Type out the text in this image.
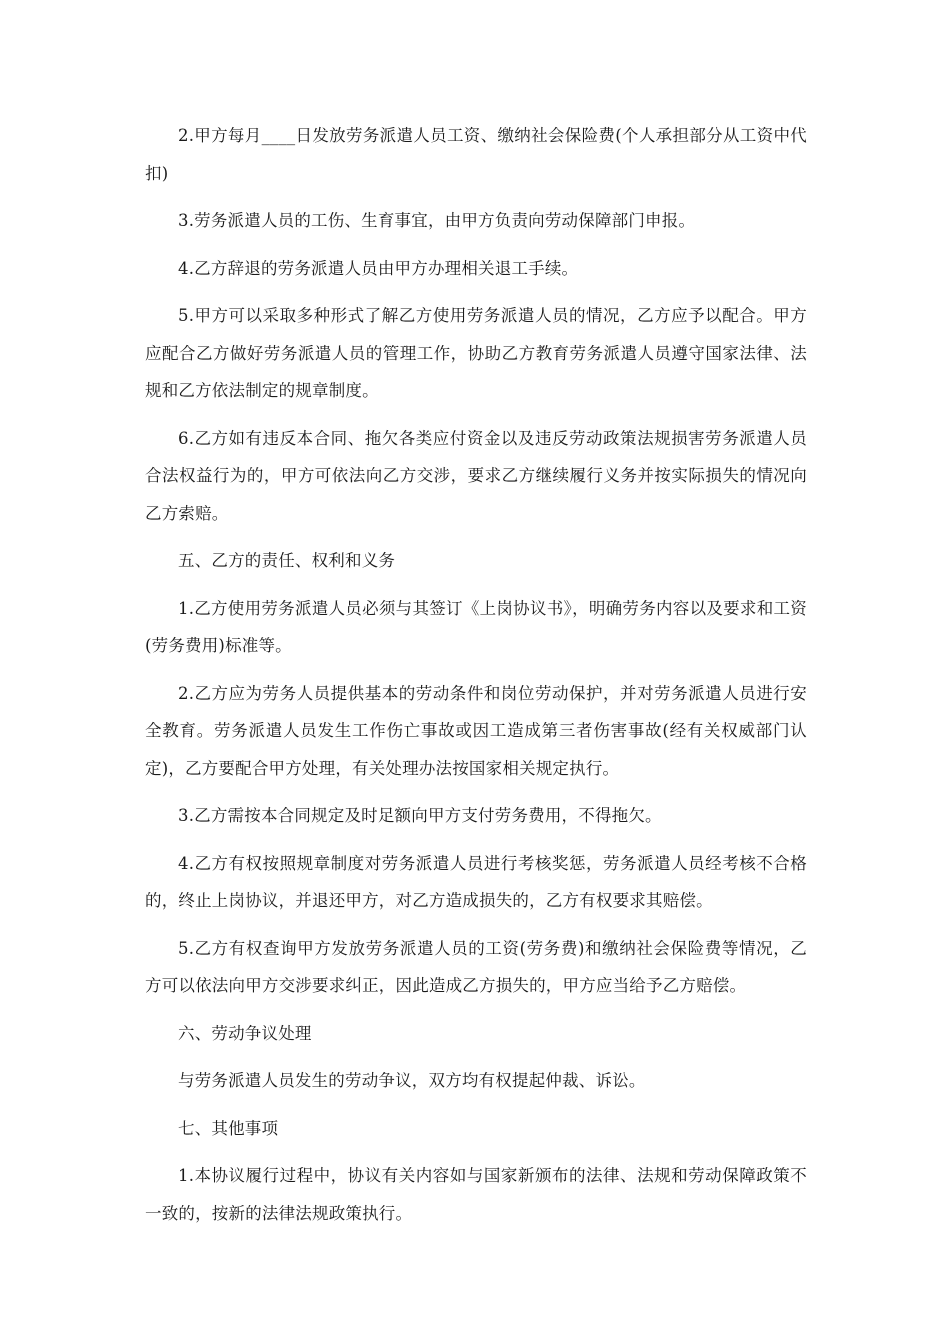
2.甲方每月____日发放劳务派遣人员工资、缴纳社会保险费(个人承担部分从工资中代扣)

3.劳务派遣人员的工伤、生育事宜，由甲方负责向劳动保障部门申报。

4.乙方辞退的劳务派遣人员由甲方办理相关退工手续。

5.甲方可以采取多种形式了解乙方使用劳务派遣人员的情况，乙方应予以配合。甲方应配合乙方做好劳务派遣人员的管理工作，协助乙方教育劳务派遣人员遵守国家法律、法规和乙方依法制定的规章制度。

6.乙方如有违反本合同、拖欠各类应付资金以及违反劳动政策法规损害劳务派遣人员合法权益行为的，甲方可依法向乙方交涉，要求乙方继续履行义务并按实际损失的情况向乙方索赔。

五、乙方的责任、权利和义务

1.乙方使用劳务派遣人员必须与其签订《上岗协议书》，明确劳务内容以及要求和工资(劳务费用)标准等。

2.乙方应为劳务人员提供基本的劳动条件和岗位劳动保护，并对劳务派遣人员进行安全教育。劳务派遣人员发生工作伤亡事故或因工造成第三者伤害事故(经有关权威部门认定)，乙方要配合甲方处理，有关处理办法按国家相关规定执行。

3.乙方需按本合同规定及时足额向甲方支付劳务费用，不得拖欠。

4.乙方有权按照规章制度对劳务派遣人员进行考核奖惩，劳务派遣人员经考核不合格的，终止上岗协议，并退还甲方，对乙方造成损失的，乙方有权要求其赔偿。

5.乙方有权查询甲方发放劳务派遣人员的工资(劳务费)和缴纳社会保险费等情况，乙方可以依法向甲方交涉要求纠正，因此造成乙方损失的，甲方应当给予乙方赔偿。

六、劳动争议处理

与劳务派遣人员发生的劳动争议，双方均有权提起仲裁、诉讼。

七、其他事项

1.本协议履行过程中，协议有关内容如与国家新颁布的法律、法规和劳动保障政策不一致的，按新的法律法规政策执行。
